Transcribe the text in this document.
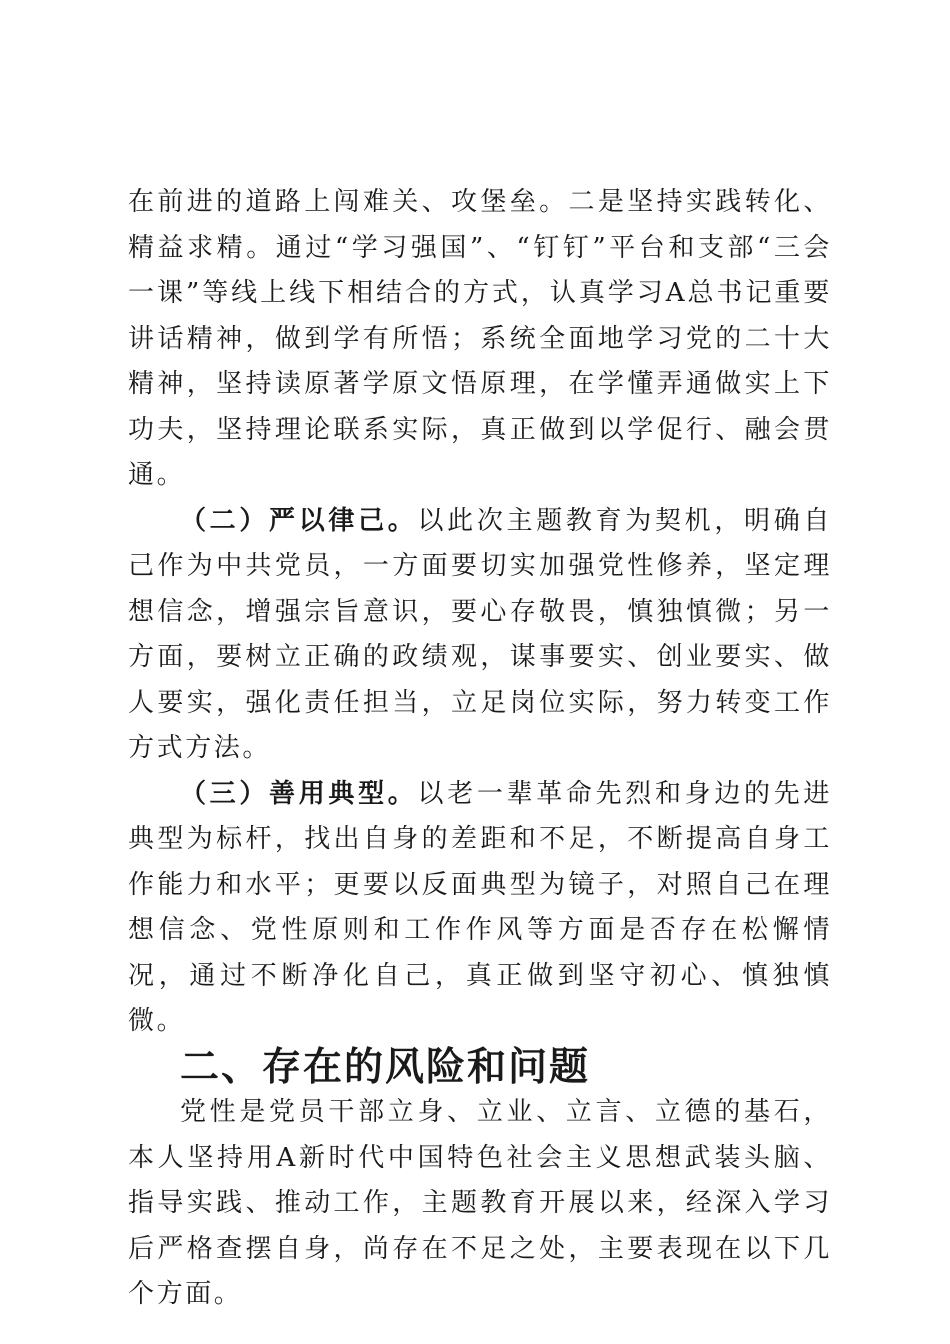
在前进的道路上闯难关、攻堡垒。二是坚持实践转化、精益求精。通过“学习强国”、“钉钉”平台和支部“三会一课”等线上线下相结合的方式，认真学习A总书记重要讲话精神，做到学有所悟；系统全面地学习党的二十大精神，坚持读原著学原文悟原理，在学懂弄通做实上下功夫，坚持理论联系实际，真正做到以学促行、融会贯通。

（二）严以律己。以此次主题教育为契机，明确自己作为中共党员，一方面要切实加强党性修养，坚定理想信念，增强宗旨意识，要心存敬畏，慎独慎微；另一方面，要树立正确的政绩观，谋事要实、创业要实、做人要实，强化责任担当，立足岗位实际，努力转变工作方式方法。

（三）善用典型。以老一辈革命先烈和身边的先进典型为标杆，找出自身的差距和不足，不断提高自身工作能力和水平；更要以反面典型为镜子，对照自己在理想信念、党性原则和工作作风等方面是否存在松懈情况，通过不断净化自己，真正做到坚守初心、慎独慎微。

二、存在的风险和问题

党性是党员干部立身、立业、立言、立德的基石，本人坚持用A新时代中国特色社会主义思想武装头脑、指导实践、推动工作，主题教育开展以来，经深入学习后严格查摆自身，尚存在不足之处，主要表现在以下几个方面。
